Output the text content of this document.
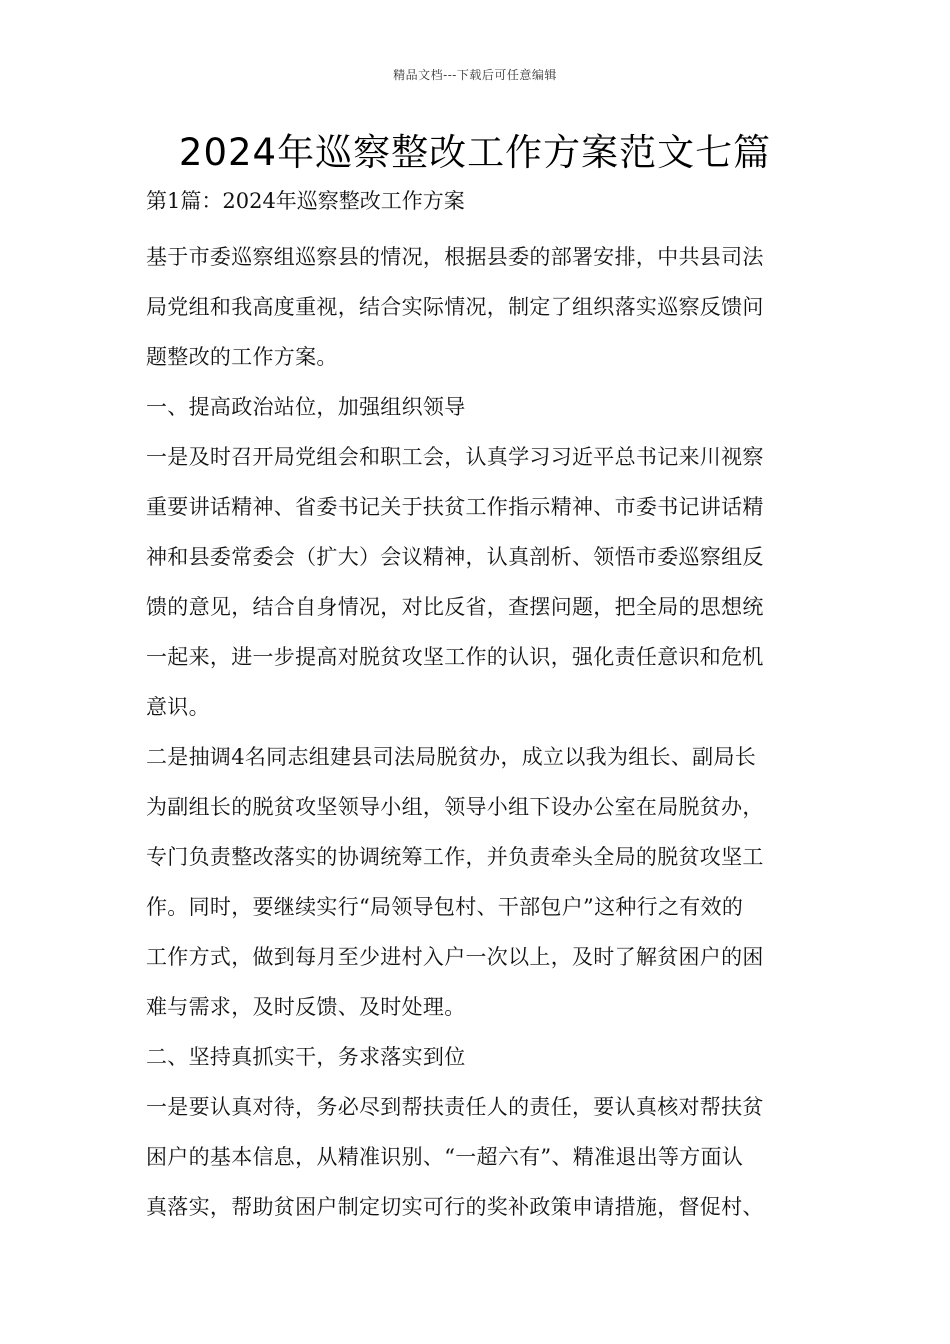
精品文档---下载后可任意编辑
2024年巡察整改工作方案范文七篇
第1篇：2024年巡察整改工作方案
基于市委巡察组巡察县的情况，根据县委的部署安排，中共县司法
局党组和我高度重视，结合实际情况，制定了组织落实巡察反馈问
题整改的工作方案。
一、提高政治站位，加强组织领导
一是及时召开局党组会和职工会，认真学习习近平总书记来川视察
重要讲话精神、省委书记关于扶贫工作指示精神、市委书记讲话精
神和县委常委会（扩大）会议精神，认真剖析、领悟市委巡察组反
馈的意见，结合自身情况，对比反省，查摆问题，把全局的思想统
一起来，进一步提高对脱贫攻坚工作的认识，强化责任意识和危机
意识。
二是抽调4名同志组建县司法局脱贫办，成立以我为组长、副局长
为副组长的脱贫攻坚领导小组，领导小组下设办公室在局脱贫办，
专门负责整改落实的协调统筹工作，并负责牵头全局的脱贫攻坚工
作。同时，要继续实行“局领导包村、干部包户”这种行之有效的
工作方式，做到每月至少进村入户一次以上，及时了解贫困户的困
难与需求，及时反馈、及时处理。
二、坚持真抓实干，务求落实到位
一是要认真对待，务必尽到帮扶责任人的责任，要认真核对帮扶贫
困户的基本信息，从精准识别、“一超六有”、精准退出等方面认
真落实，帮助贫困户制定切实可行的奖补政策申请措施，督促村、
